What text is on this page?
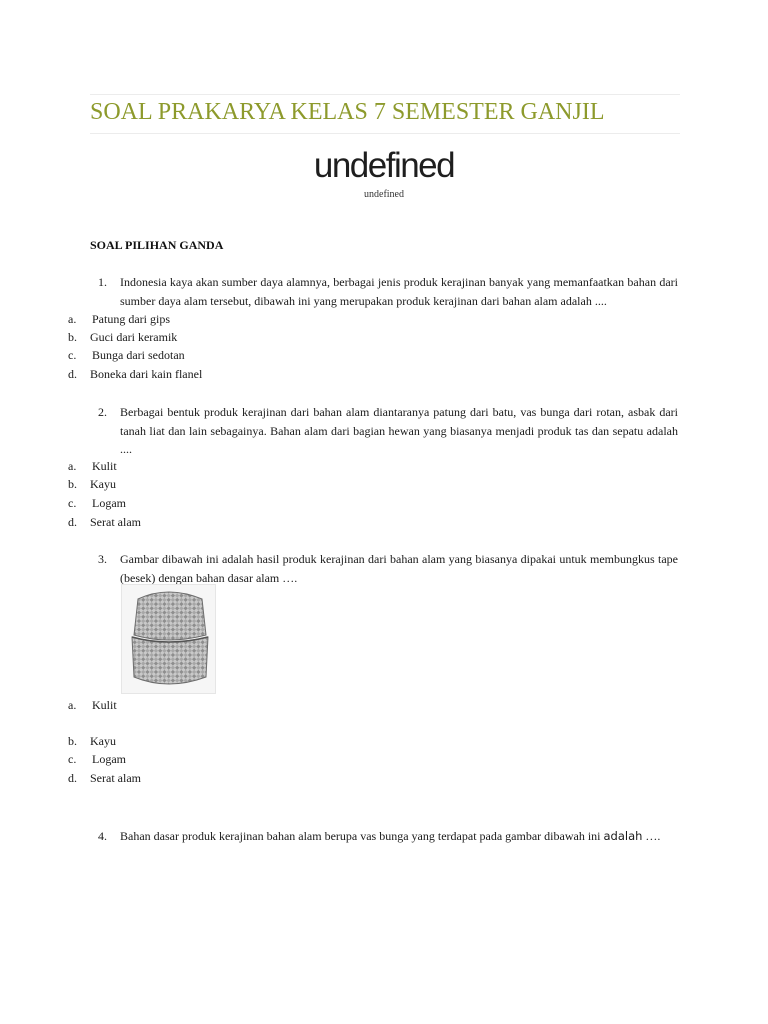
SOAL PRAKARYA KELAS 7 SEMESTER GANJIL
undefined
undefined
SOAL PILIHAN GANDA
1. Indonesia kaya akan sumber daya alamnya, berbagai jenis produk kerajinan banyak yang memanfaatkan bahan dari sumber daya alam tersebut, dibawah ini yang merupakan produk kerajinan dari bahan alam adalah ....
a. Patung dari gips
b. Guci dari keramik
c. Bunga dari sedotan
d. Boneka dari kain flanel
2. Berbagai bentuk produk kerajinan dari bahan alam diantaranya patung dari batu, vas bunga dari rotan, asbak dari tanah liat dan lain sebagainya. Bahan alam dari bagian hewan yang biasanya menjadi produk tas dan sepatu adalah ....
a. Kulit
b. Kayu
c. Logam
d. Serat alam
3. Gambar dibawah ini adalah hasil produk kerajinan dari bahan alam yang biasanya dipakai untuk membungkus tape (besek) dengan bahan dasar alam ….
a. Kulit
b. Kayu
c. Logam
d. Serat alam
4. Bahan dasar produk kerajinan bahan alam berupa vas bunga yang terdapat pada gambar dibawah ini adalah ….
